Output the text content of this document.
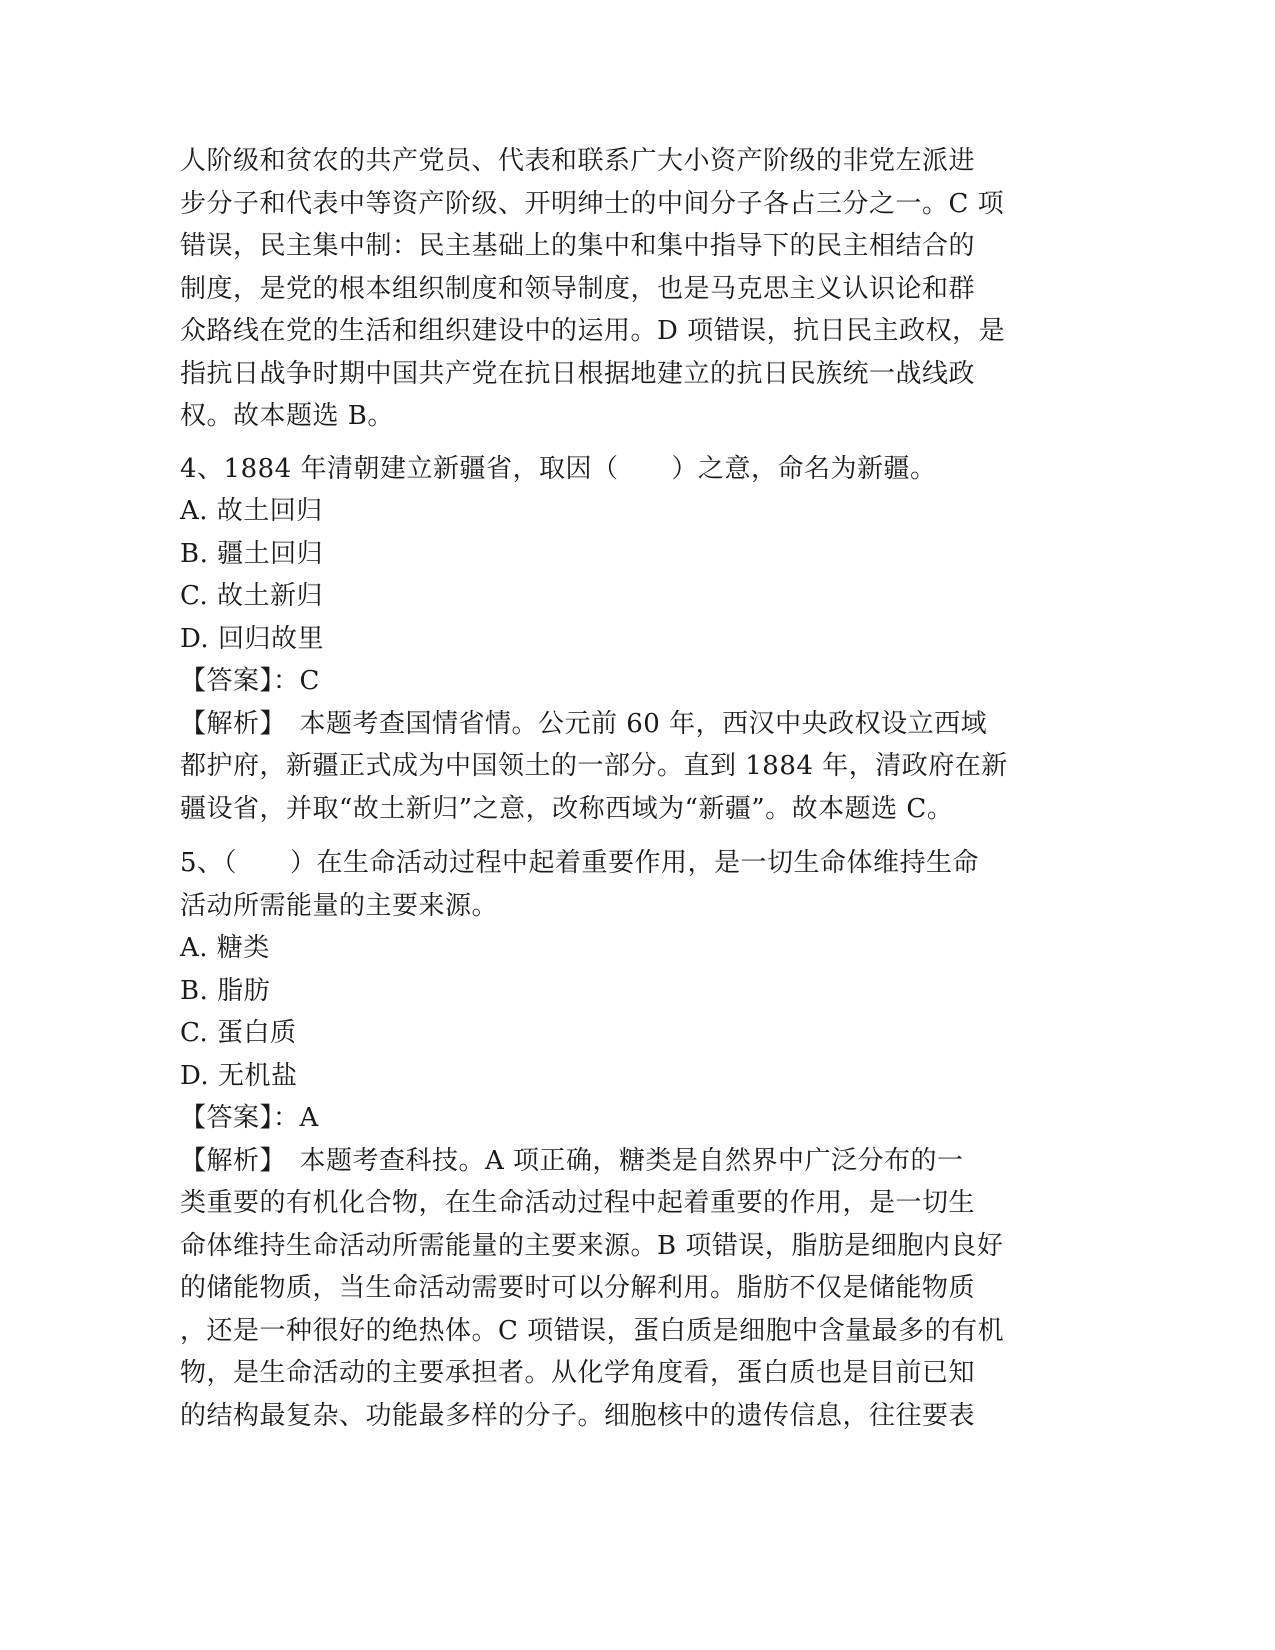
人阶级和贫农的共产党员、代表和联系广大小资产阶级的非党左派进
步分子和代表中等资产阶级、开明绅士的中间分子各占三分之一。C 项
错误，民主集中制：民主基础上的集中和集中指导下的民主相结合的
制度，是党的根本组织制度和领导制度，也是马克思主义认识论和群
众路线在党的生活和组织建设中的运用。D 项错误，抗日民主政权，是
指抗日战争时期中国共产党在抗日根据地建立的抗日民族统一战线政
权。故本题选 B。
4、1884 年清朝建立新疆省，取因（　　）之意，命名为新疆。
A. 故土回归
B. 疆土回归
C. 故土新归
D. 回归故里
【答案】：C
【解析】　本题考查国情省情。公元前 60 年，西汉中央政权设立西域
都护府，新疆正式成为中国领土的一部分。直到 1884 年，清政府在新
疆设省，并取“故土新归”之意，改称西域为“新疆”。故本题选 C。
5、（　　）在生命活动过程中起着重要作用，是一切生命体维持生命
活动所需能量的主要来源。
A. 糖类
B. 脂肪
C. 蛋白质
D. 无机盐
【答案】：A
【解析】　本题考查科技。A 项正确，糖类是自然界中广泛分布的一
类重要的有机化合物，在生命活动过程中起着重要的作用，是一切生
命体维持生命活动所需能量的主要来源。B 项错误，脂肪是细胞内良好
的储能物质，当生命活动需要时可以分解利用。脂肪不仅是储能物质
，还是一种很好的绝热体。C 项错误，蛋白质是细胞中含量最多的有机
物，是生命活动的主要承担者。从化学角度看，蛋白质也是目前已知
的结构最复杂、功能最多样的分子。细胞核中的遗传信息，往往要表
